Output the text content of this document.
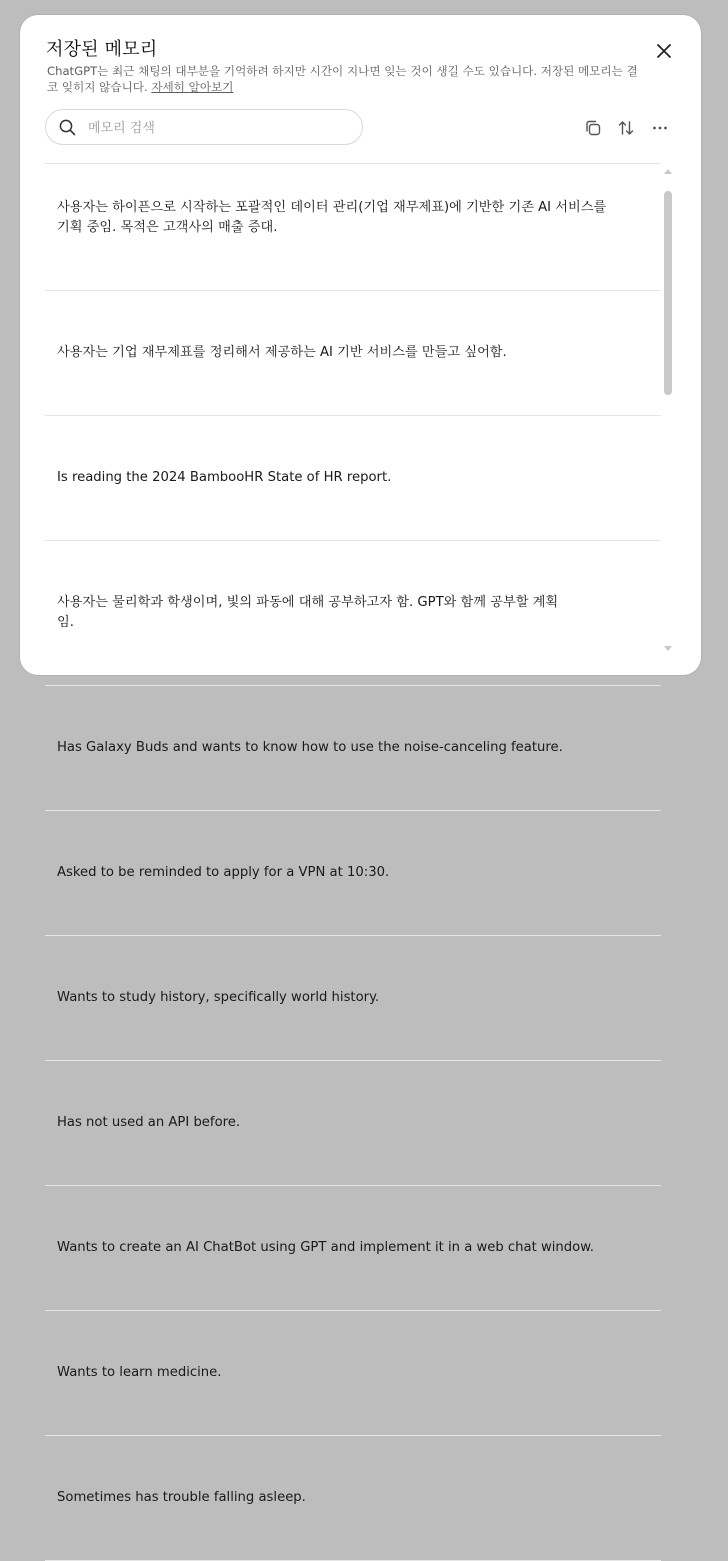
저장된 메모리
ChatGPT는 최근 채팅의 대부분을 기억하려 하지만 시간이 지나면 잊는 것이 생길 수도 있습니다. 저장된 메모리는 결코 잊히지 않습니다. 자세히 알아보기
메모리 검색

사용자는 하이픈으로 시작하는 포괄적인 데이터 관리(기업 재무제표)에 기반한 기존 AI 서비스를
기획 중임. 목적은 고객사의 매출 증대.

사용자는 기업 재무제표를 정리해서 제공하는 AI 기반 서비스를 만들고 싶어함.

Is reading the 2024 BambooHR State of HR report.

사용자는 물리학과 학생이며, 빛의 파동에 대해 공부하고자 함. GPT와 함께 공부할 계획
임.

Has Galaxy Buds and wants to know how to use the noise-canceling feature.

Asked to be reminded to apply for a VPN at 10:30.

Wants to study history, specifically world history.

Has not used an API before.

Wants to create an AI ChatBot using GPT and implement it in a web chat window.

Wants to learn medicine.

Sometimes has trouble falling asleep.
